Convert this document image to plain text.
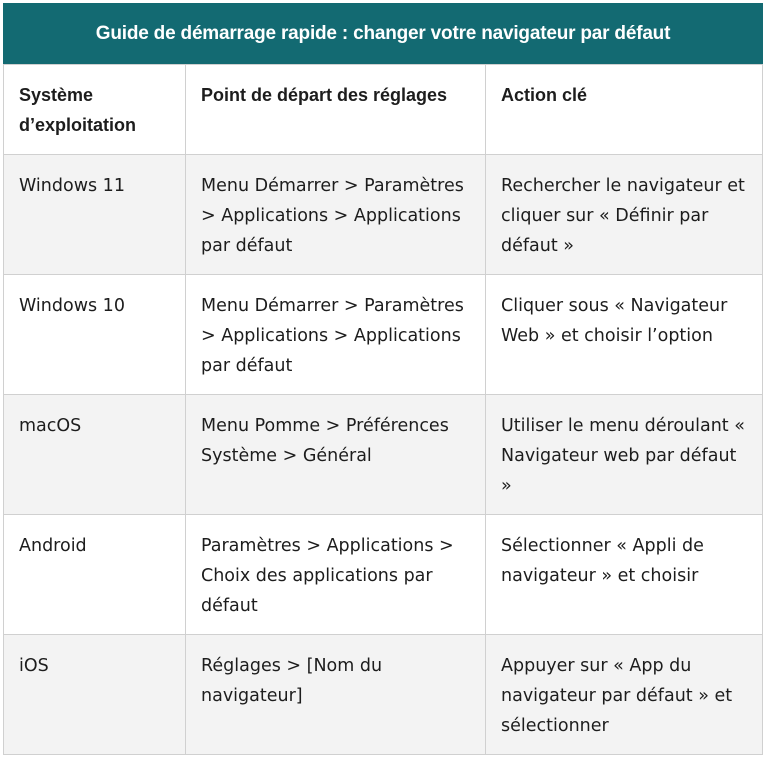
Guide de démarrage rapide : changer votre navigateur par défaut
Système d’exploitation	Point de départ des réglages	Action clé
Windows 11	Menu Démarrer > Paramètres > Applications > Applications par défaut	Rechercher le navigateur et cliquer sur « Définir par défaut »
Windows 10	Menu Démarrer > Paramètres > Applications > Applications par défaut	Cliquer sous « Navigateur Web » et choisir l’option
macOS	Menu Pomme > Préférences Système > Général	Utiliser le menu déroulant « Navigateur web par défaut »
Android	Paramètres > Applications > Choix des applications par défaut	Sélectionner « Appli de navigateur » et choisir
iOS	Réglages > [Nom du navigateur]	Appuyer sur « App du navigateur par défaut » et sélectionner
